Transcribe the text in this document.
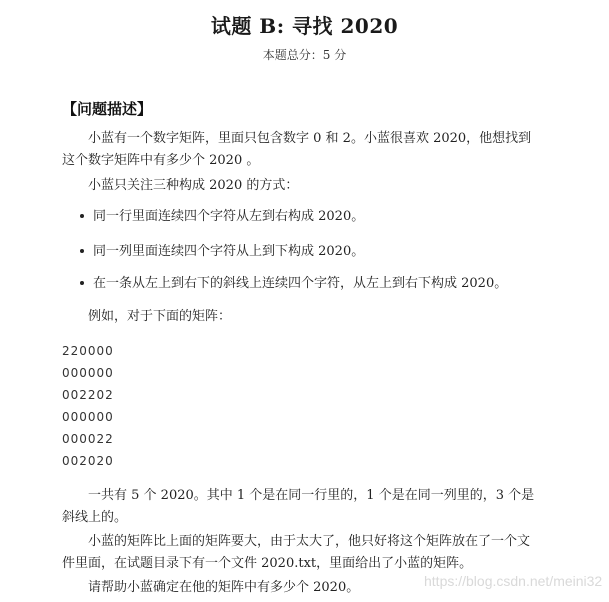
试题 B: 寻找 2020
本题总分：5 分
【问题描述】
小蓝有一个数字矩阵，里面只包含数字 0 和 2。小蓝很喜欢 2020，他想找到这个数字矩阵中有多少个 2020 。
小蓝只关注三种构成 2020 的方式：
同一行里面连续四个字符从左到右构成 2020。
同一列里面连续四个字符从上到下构成 2020。
在一条从左上到右下的斜线上连续四个字符，从左上到右下构成 2020。
例如，对于下面的矩阵：
220000
000000
002202
000000
000022
002020
一共有 5 个 2020。其中 1 个是在同一行里的，1 个是在同一列里的，3 个是斜线上的。
小蓝的矩阵比上面的矩阵要大，由于太大了，他只好将这个矩阵放在了一个文件里面，在试题目录下有一个文件 2020.txt，里面给出了小蓝的矩阵。
请帮助小蓝确定在他的矩阵中有多少个 2020。	https://blog.csdn.net/meini32
